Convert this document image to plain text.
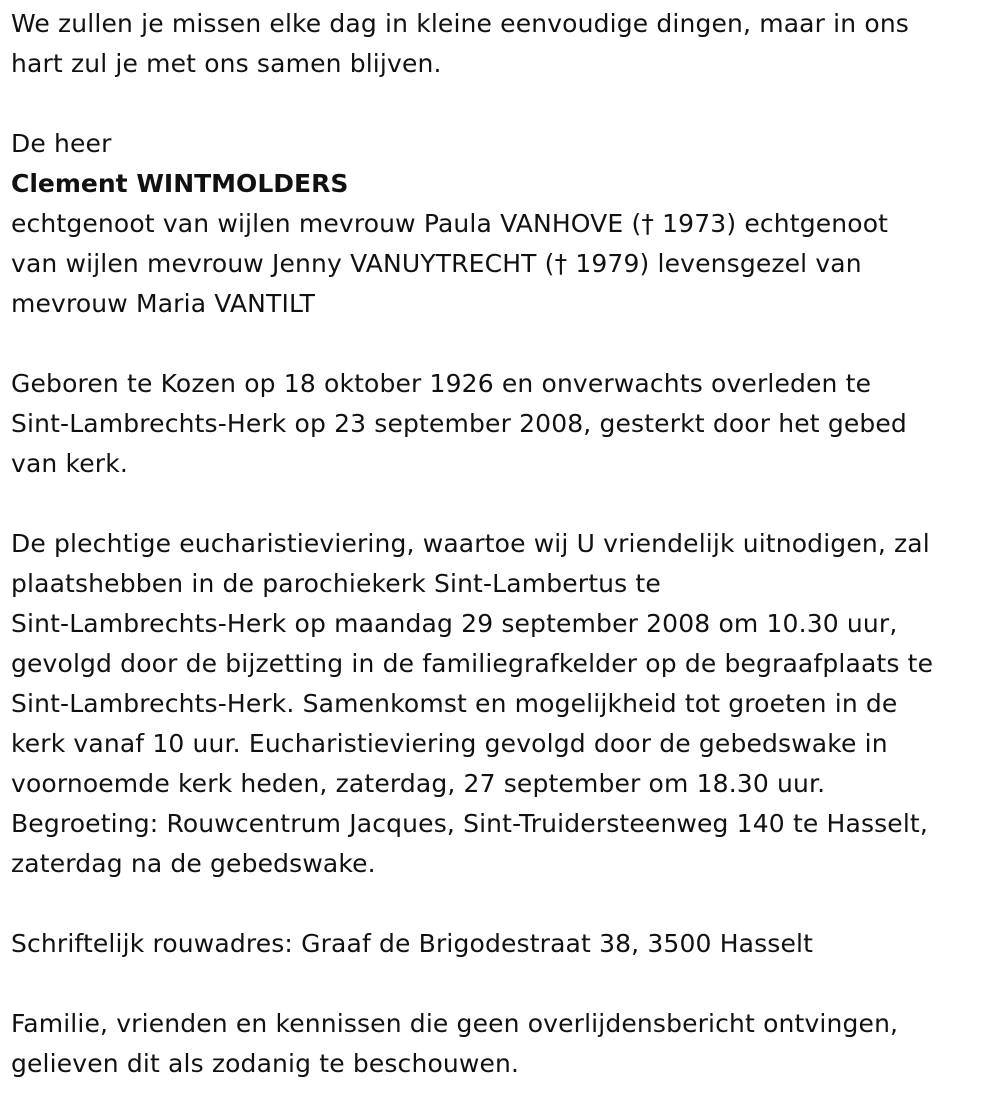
We zullen je missen elke dag in kleine eenvoudige dingen, maar in ons
hart zul je met ons samen blijven.

De heer

Clement WINTMOLDERS

echtgenoot van wijlen mevrouw Paula VANHOVE († 1973) echtgenoot
van wijlen mevrouw Jenny VANUYTRECHT († 1979) levensgezel van
mevrouw Maria VANTILT

Geboren te Kozen op 18 oktober 1926 en onverwachts overleden te
Sint-Lambrechts-Herk op 23 september 2008, gesterkt door het gebed
van kerk.

De plechtige eucharistieviering, waartoe wij U vriendelijk uitnodigen, zal
plaatshebben in de parochiekerk Sint-Lambertus te
Sint-Lambrechts-Herk op maandag 29 september 2008 om 10.30 uur,
gevolgd door de bijzetting in de familiegrafkelder op de begraafplaats te
Sint-Lambrechts-Herk. Samenkomst en mogelijkheid tot groeten in de
kerk vanaf 10 uur. Eucharistieviering gevolgd door de gebedswake in
voornoemde kerk heden, zaterdag, 27 september om 18.30 uur.
Begroeting: Rouwcentrum Jacques, Sint-Truidersteenweg 140 te Hasselt,
zaterdag na de gebedswake.

Schriftelijk rouwadres: Graaf de Brigodestraat 38, 3500 Hasselt

Familie, vrienden en kennissen die geen overlijdensbericht ontvingen,
gelieven dit als zodanig te beschouwen.
